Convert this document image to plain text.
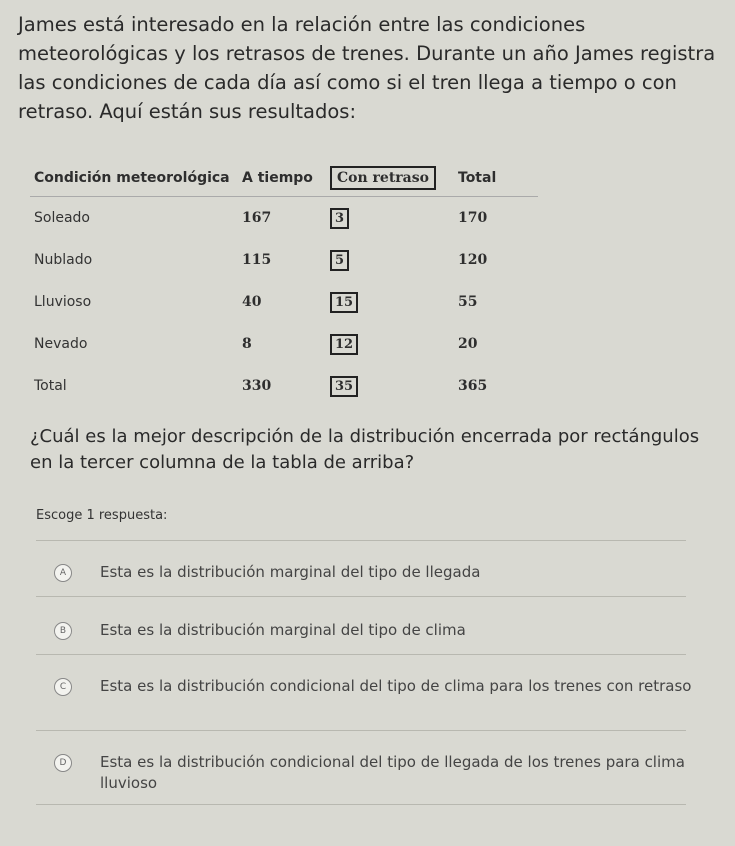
James está interesado en la relación entre las condiciones meteorológicas y los retrasos de trenes. Durante un año James registra las condiciones de cada día así como si el tren llega a tiempo o con retraso. Aquí están sus resultados:
Condición meteorológica	A tiempo	Con retraso	Total
Soleado	167	3	170
Nublado	115	5	120
Lluvioso	40	15	55
Nevado	8	12	20
Total	330	35	365
¿Cuál es la mejor descripción de la distribución encerrada por rectángulos en la tercer columna de la tabla de arriba?
Escoge 1 respuesta:
A	Esta es la distribución marginal del tipo de llegada
B	Esta es la distribución marginal del tipo de clima
C	Esta es la distribución condicional del tipo de clima para los trenes con retraso
D	Esta es la distribución condicional del tipo de llegada de los trenes para clima lluvioso
